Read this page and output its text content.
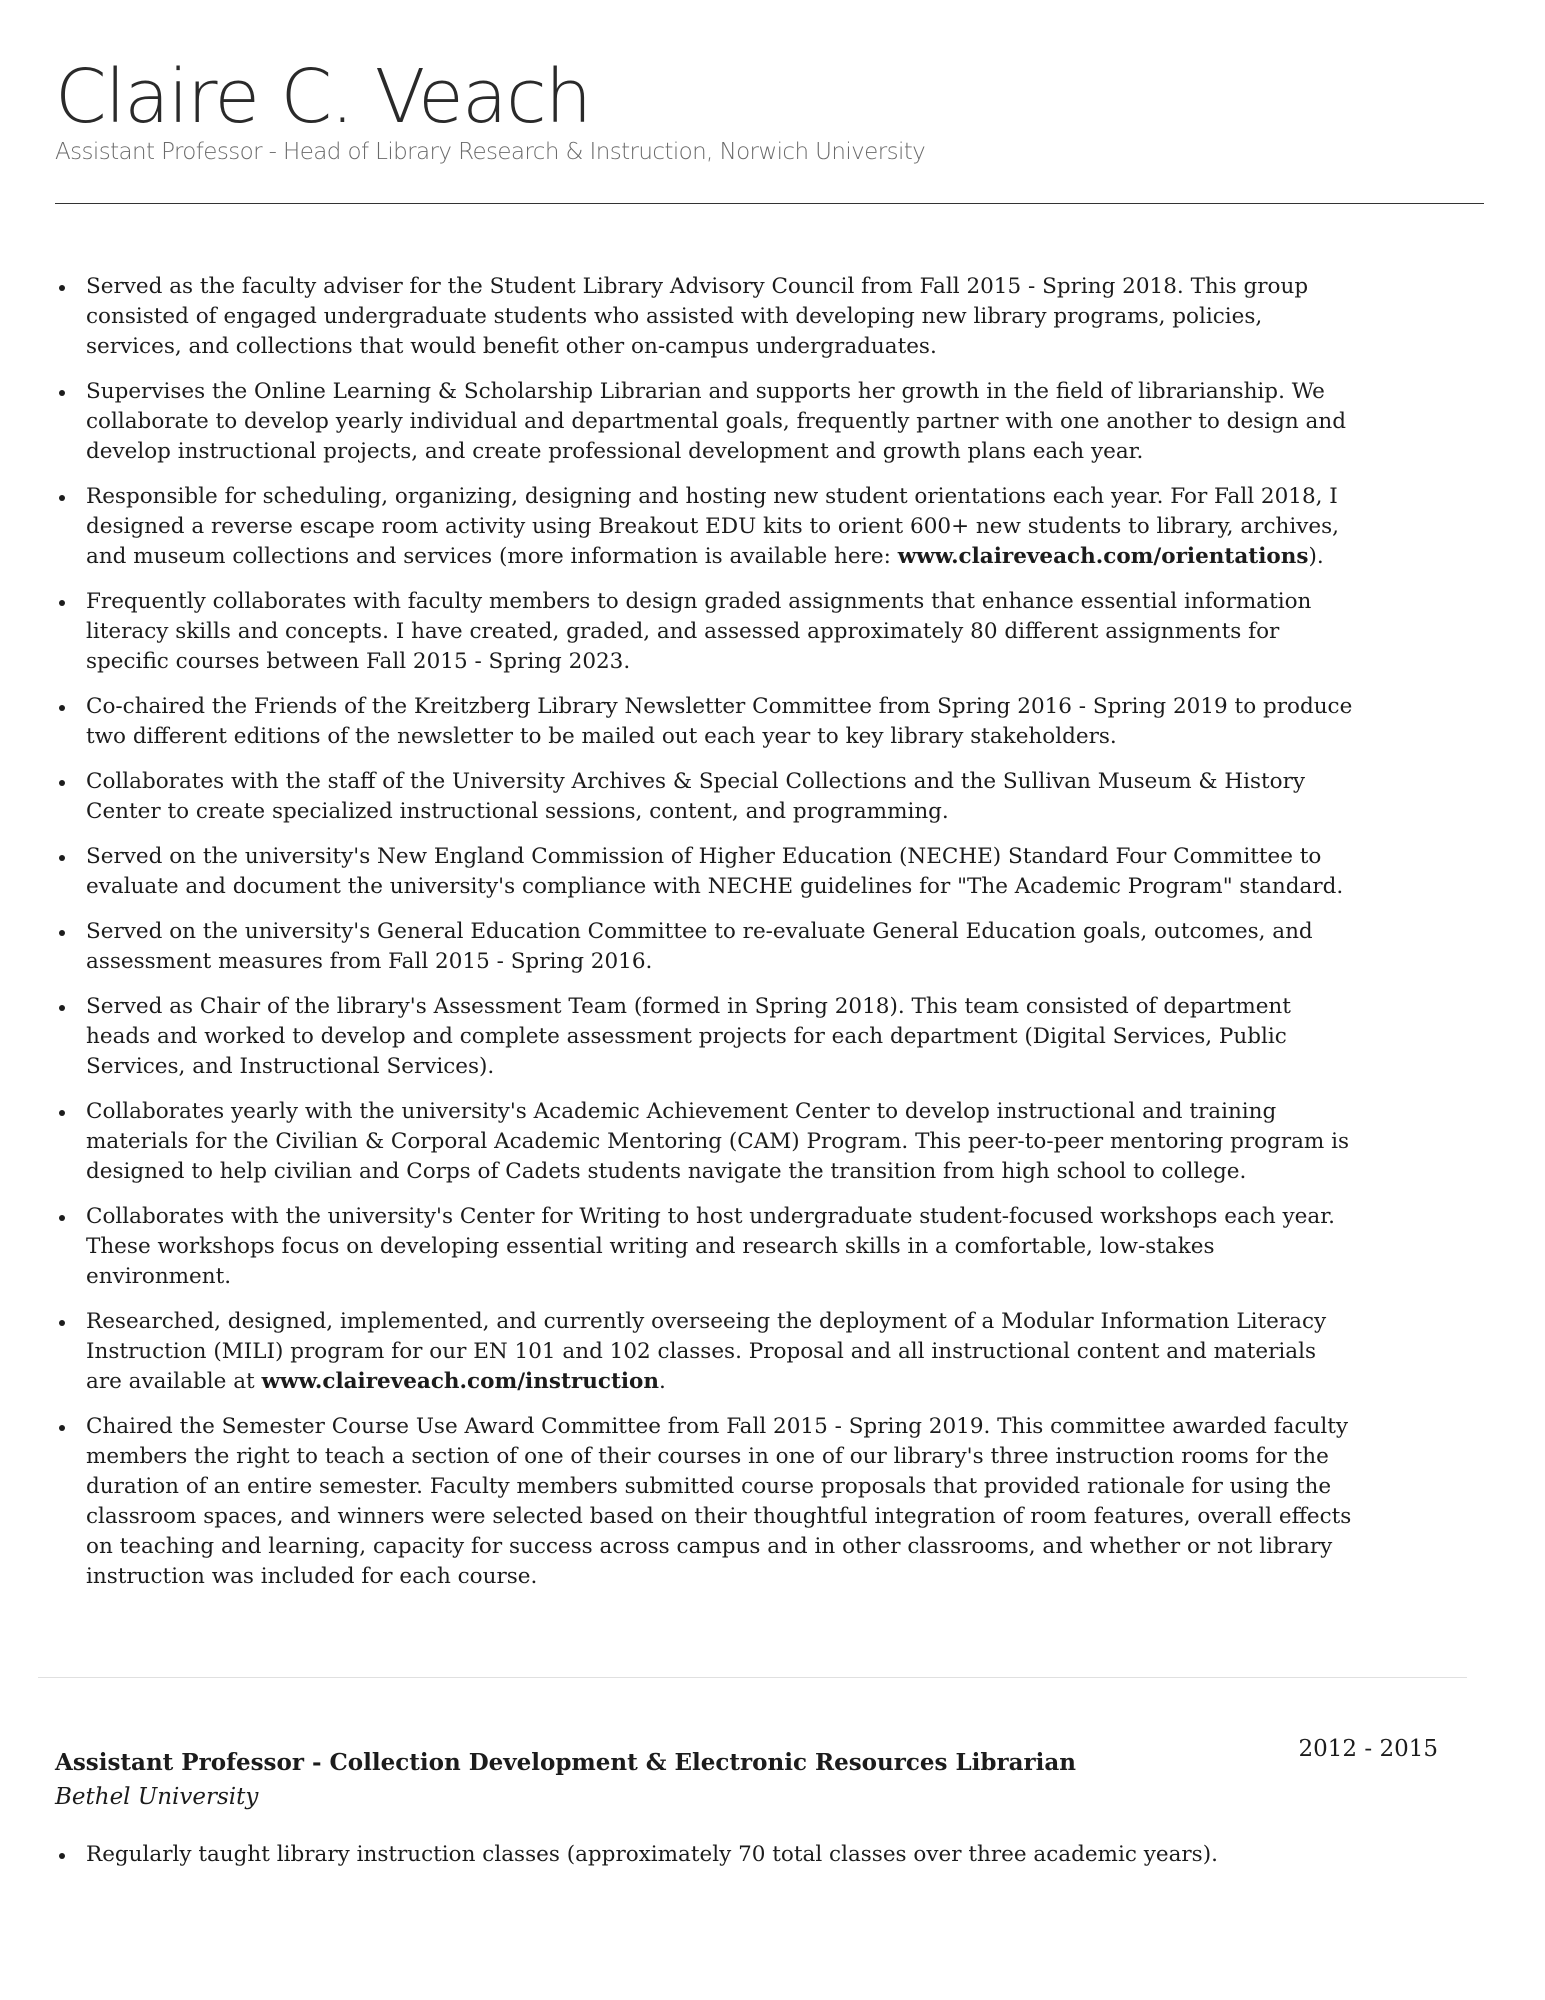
Claire C. Veach
Assistant Professor - Head of Library Research & Instruction, Norwich University
Served as the faculty adviser for the Student Library Advisory Council from Fall 2015 - Spring 2018. This group consisted of engaged undergraduate students who assisted with developing new library programs, policies, services, and collections that would benefit other on-campus undergraduates.
Supervises the Online Learning & Scholarship Librarian and supports her growth in the field of librarianship. We collaborate to develop yearly individual and departmental goals, frequently partner with one another to design and develop instructional projects, and create professional development and growth plans each year.
Responsible for scheduling, organizing, designing and hosting new student orientations each year. For Fall 2018, I designed a reverse escape room activity using Breakout EDU kits to orient 600+ new students to library, archives, and museum collections and services (more information is available here: www.claireveach.com/orientations).
Frequently collaborates with faculty members to design graded assignments that enhance essential information literacy skills and concepts. I have created, graded, and assessed approximately 80 different assignments for specific courses between Fall 2015 - Spring 2023.
Co-chaired the Friends of the Kreitzberg Library Newsletter Committee from Spring 2016 - Spring 2019 to produce two different editions of the newsletter to be mailed out each year to key library stakeholders.
Collaborates with the staff of the University Archives & Special Collections and the Sullivan Museum & History Center to create specialized instructional sessions, content, and programming.
Served on the university's New England Commission of Higher Education (NECHE) Standard Four Committee to evaluate and document the university's compliance with NECHE guidelines for "The Academic Program" standard.
Served on the university's General Education Committee to re-evaluate General Education goals, outcomes, and assessment measures from Fall 2015 - Spring 2016.
Served as Chair of the library's Assessment Team (formed in Spring 2018). This team consisted of department heads and worked to develop and complete assessment projects for each department (Digital Services, Public Services, and Instructional Services).
Collaborates yearly with the university's Academic Achievement Center to develop instructional and training materials for the Civilian & Corporal Academic Mentoring (CAM) Program. This peer-to-peer mentoring program is designed to help civilian and Corps of Cadets students navigate the transition from high school to college.
Collaborates with the university's Center for Writing to host undergraduate student-focused workshops each year. These workshops focus on developing essential writing and research skills in a comfortable, low-stakes environment.
Researched, designed, implemented, and currently overseeing the deployment of a Modular Information Literacy Instruction (MILI) program for our EN 101 and 102 classes. Proposal and all instructional content and materials are available at www.claireveach.com/instruction.
Chaired the Semester Course Use Award Committee from Fall 2015 - Spring 2019. This committee awarded faculty members the right to teach a section of one of their courses in one of our library's three instruction rooms for the duration of an entire semester. Faculty members submitted course proposals that provided rationale for using the classroom spaces, and winners were selected based on their thoughtful integration of room features, overall effects on teaching and learning, capacity for success across campus and in other classrooms, and whether or not library instruction was included for each course.
Assistant Professor - Collection Development & Electronic Resources Librarian	2012 - 2015
Bethel University
Regularly taught library instruction classes (approximately 70 total classes over three academic years).
